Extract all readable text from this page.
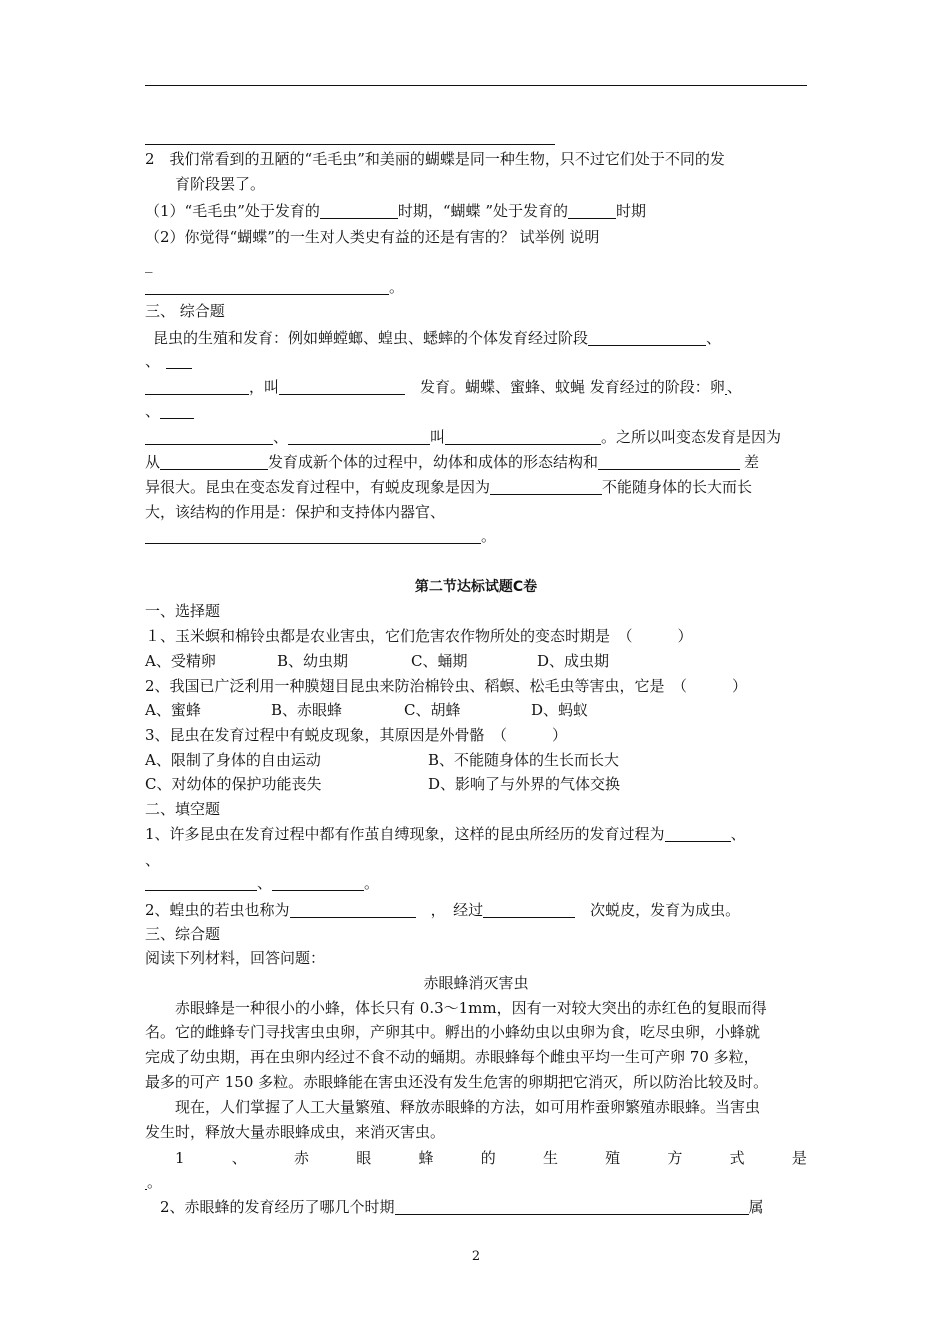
2　我们常看到的丑陋的“毛毛虫”和美丽的蝴蝶是同一种生物，只不过它们处于不同的发
育阶段罢了。
（1）“毛毛虫”处于发育的	时期，“蝴蝶 ”处于发育的	时期
（2）你觉得“蝴蝶”的一生对人类史有益的还是有害的？ 试举例 说明
_
。
三、 综合题
昆虫的生殖和发育：例如蝉螳螂、蝗虫、蟋蟀的个体发育经过阶段	、
、
，叫　	发育。蝴蝶、蜜蜂、蚊蝇 发育经过的阶段：卵 、
、
、	叫	。之所以叫变态发育是因为
从	发育成新个体的过程中，幼体和成体的形态结构和	差
异很大。昆虫在变态发育过程中，有蜕皮现象是因为	不能随身体的长大而长
大，该结构的作用是：保护和支持体内器官、
。
第二节达标试题C卷
一、选择题
１、玉米螟和棉铃虫都是农业害虫，它们危害农作物所处的变态时期是　（　　　）
A、受精卵	B、幼虫期	C、蛹期	D、成虫期
2、我国已广泛利用一种膜翅目昆虫来防治棉铃虫、稻螟、松毛虫等害虫，它是　（　　　）
A、蜜蜂	B、赤眼蜂	C、胡蜂	D、蚂蚁
3、昆虫在发育过程中有蜕皮现象，其原因是外骨骼　（　　　）
A、限制了身体的自由运动	B、不能随身体的生长而长大
C、对幼体的保护功能丧失	D、影响了与外界的气体交换
二、填空题
1、许多昆虫在发育过程中都有作茧自缚现象，这样的昆虫所经历的发育过程为	、
、
、	。
2、蝗虫的若虫也称为　	，　经过　	次蜕皮，发育为成虫。
三、综合题
阅读下列材料，回答问题：
赤眼蜂消灭害虫
　　赤眼蜂是一种很小的小蜂，体长只有 0.3～1mm，因有一对较大突出的赤红色的复眼而得
名。它的雌蜂专门寻找害虫虫卵，产卵其中。孵出的小蜂幼虫以虫卵为食，吃尽虫卵，小蜂就
完成了幼虫期，再在虫卵内经过不食不动的蛹期。赤眼蜂每个雌虫平均一生可产卵 70 多粒，
最多的可产 150 多粒。赤眼蜂能在害虫还没有发生危害的卵期把它消灭，所以防治比较及时。
　　现在，人们掌握了人工大量繁殖、释放赤眼蜂的方法，如可用柞蚕卵繁殖赤眼蜂。当害虫
发生时，释放大量赤眼蜂成虫，来消灭害虫。
1	、	赤	眼	蜂	的	生	殖	方	式	是
。
　2、赤眼蜂的发育经历了哪几个时期	属
2
